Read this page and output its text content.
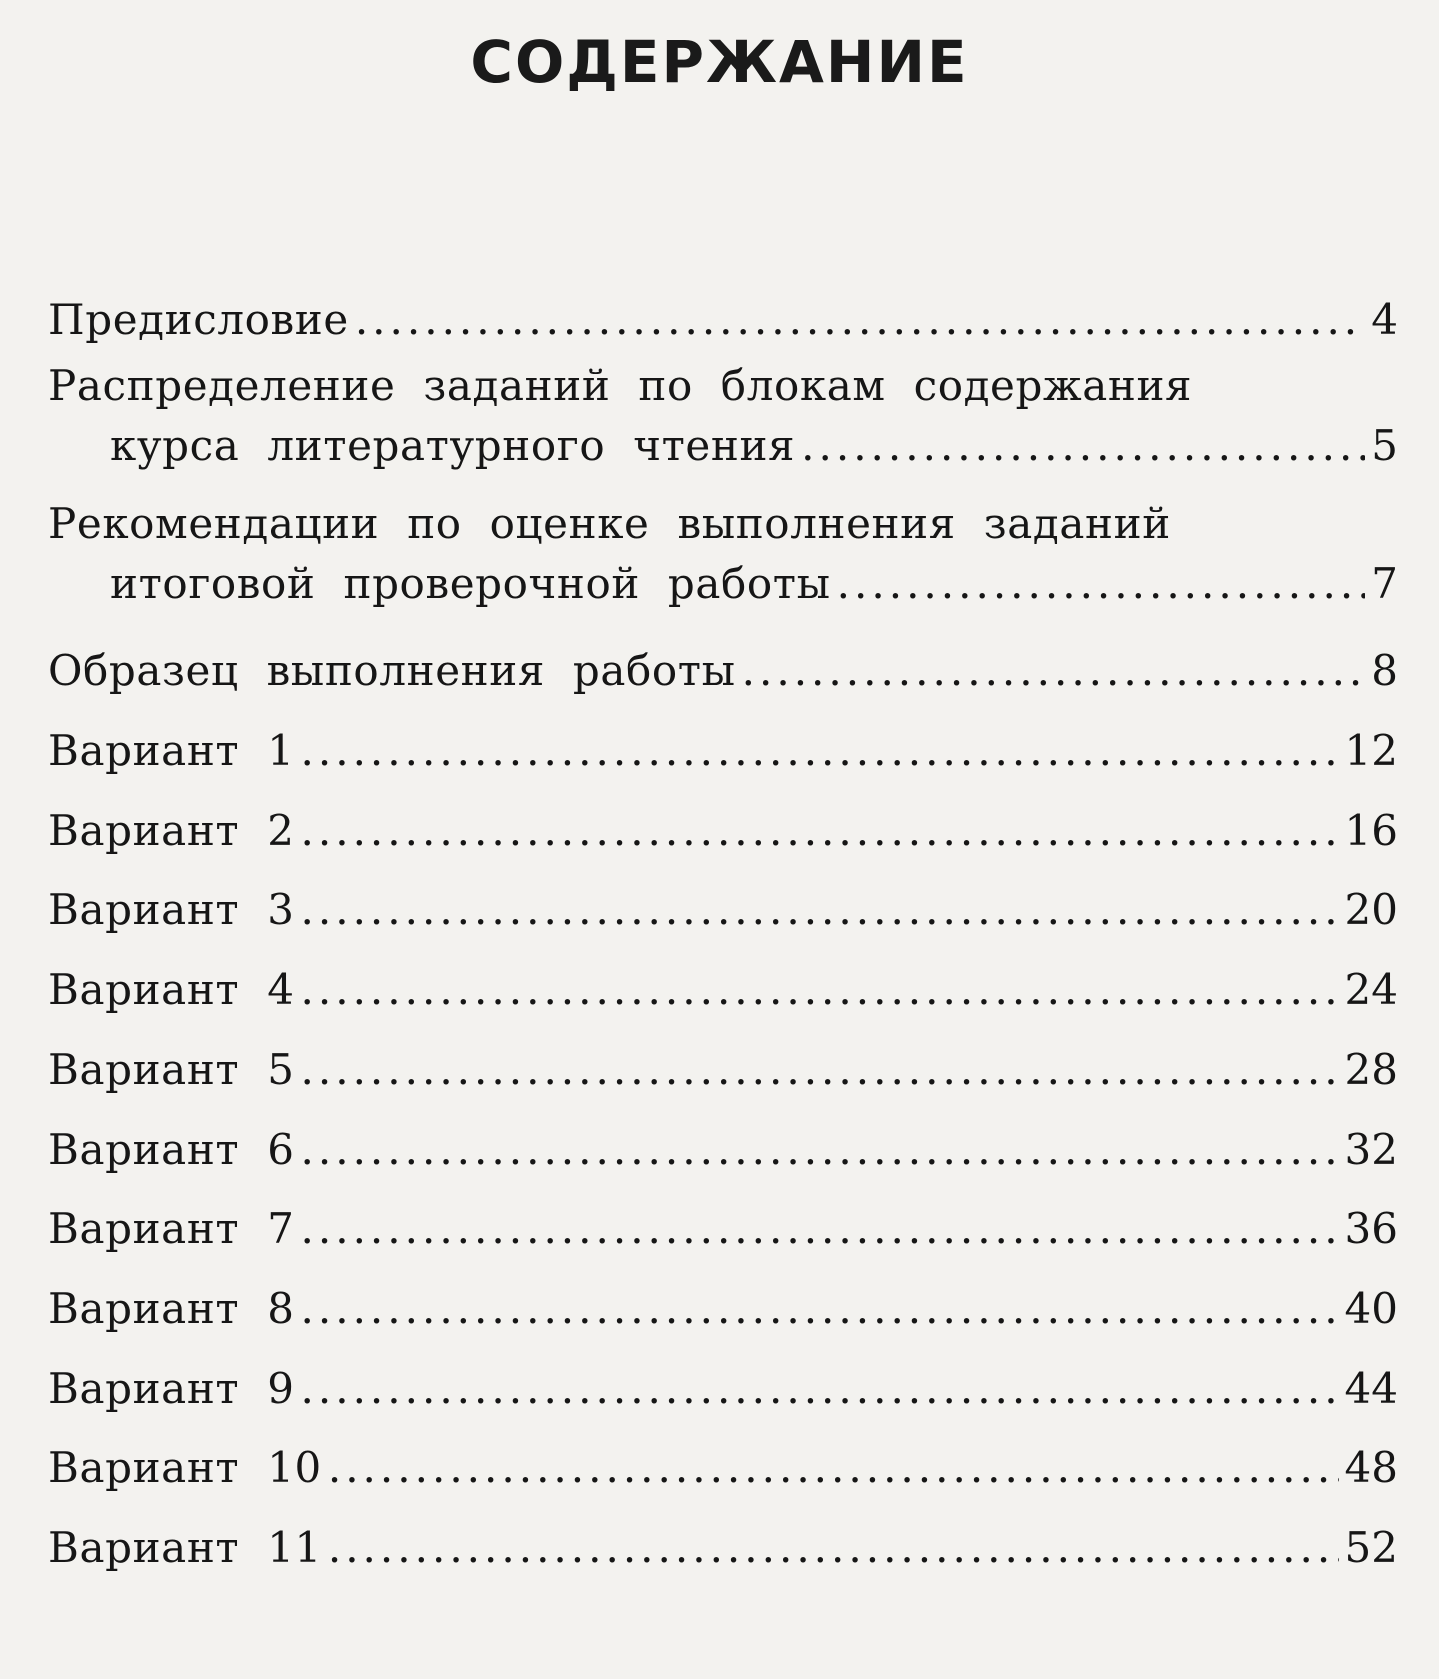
СОДЕРЖАНИЕ
Предисловие .....	4
Распределение заданий по блокам содержания
курса литературного чтения .....	5
Рекомендации по оценке выполнения заданий
итоговой проверочной работы .....	7
Образец выполнения работы .....	8
Вариант 1 .....	12
Вариант 2 .....	16
Вариант 3 .....	20
Вариант 4 .....	24
Вариант 5 .....	28
Вариант 6 .....	32
Вариант 7 .....	36
Вариант 8 .....	40
Вариант 9 .....	44
Вариант 10 .....	48
Вариант 11 .....	52
